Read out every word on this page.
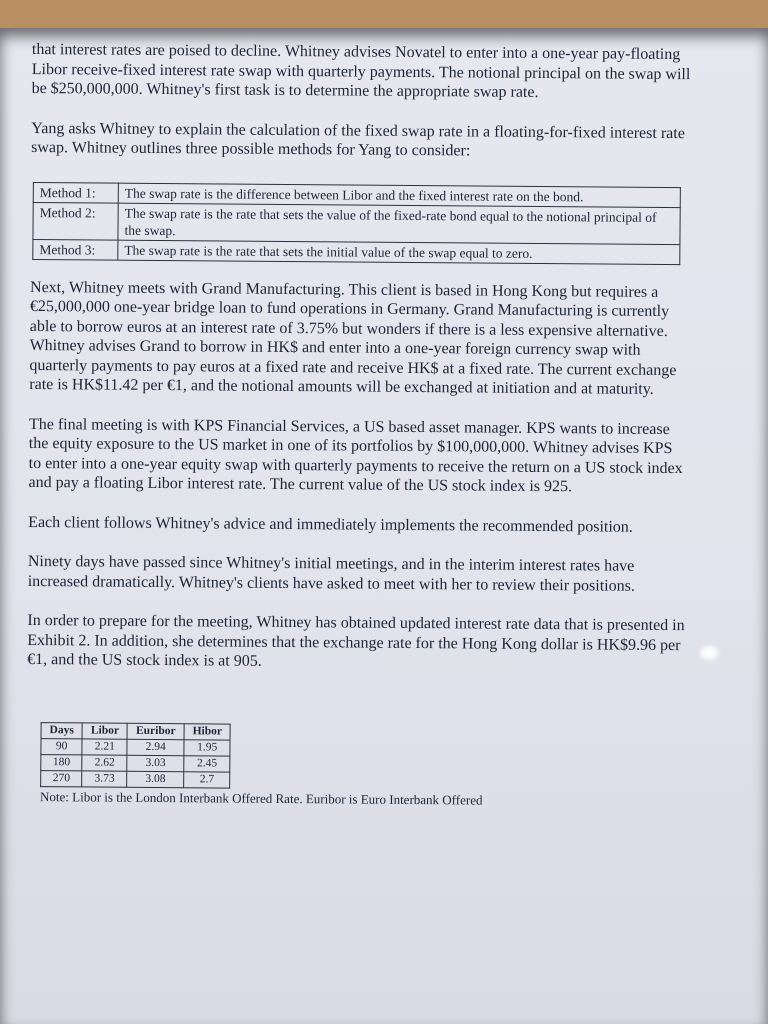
that interest rates are poised to decline. Whitney advises Novatel to enter into a one-year pay-floating Libor receive-fixed interest rate swap with quarterly payments. The notional principal on the swap will be $250,000,000. Whitney's first task is to determine the appropriate swap rate.

Yang asks Whitney to explain the calculation of the fixed swap rate in a floating-for-fixed interest rate swap. Whitney outlines three possible methods for Yang to consider:

Method 1:	The swap rate is the difference between Libor and the fixed interest rate on the bond.
Method 2:	The swap rate is the rate that sets the value of the fixed-rate bond equal to the notional principal of the swap.
Method 3:	The swap rate is the rate that sets the initial value of the swap equal to zero.

Next, Whitney meets with Grand Manufacturing. This client is based in Hong Kong but requires a €25,000,000 one-year bridge loan to fund operations in Germany. Grand Manufacturing is currently able to borrow euros at an interest rate of 3.75% but wonders if there is a less expensive alternative. Whitney advises Grand to borrow in HK$ and enter into a one-year foreign currency swap with quarterly payments to pay euros at a fixed rate and receive HK$ at a fixed rate. The current exchange rate is HK$11.42 per €1, and the notional amounts will be exchanged at initiation and at maturity.

The final meeting is with KPS Financial Services, a US based asset manager. KPS wants to increase the equity exposure to the US market in one of its portfolios by $100,000,000. Whitney advises KPS to enter into a one-year equity swap with quarterly payments to receive the return on a US stock index and pay a floating Libor interest rate. The current value of the US stock index is 925.

Each client follows Whitney's advice and immediately implements the recommended position.

Ninety days have passed since Whitney's initial meetings, and in the interim interest rates have increased dramatically. Whitney's clients have asked to meet with her to review their positions.

In order to prepare for the meeting, Whitney has obtained updated interest rate data that is presented in Exhibit 2. In addition, she determines that the exchange rate for the Hong Kong dollar is HK$9.96 per €1, and the US stock index is at 905.

Days	Libor	Euribor	Hibor
90	2.21	2.94	1.95
180	2.62	3.03	2.45
270	3.73	3.08	2.7
Note: Libor is the London Interbank Offered Rate. Euribor is Euro Interbank Offered
